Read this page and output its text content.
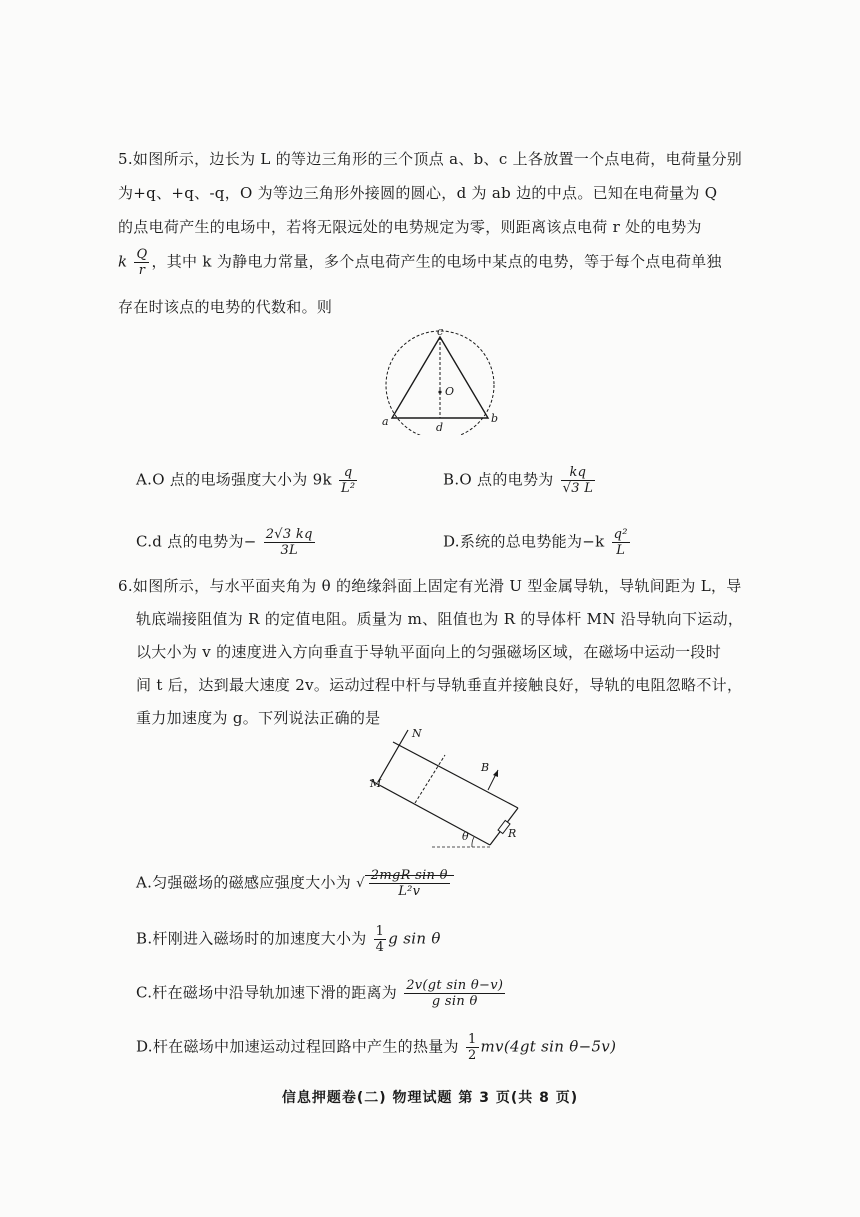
5.如图所示，边长为 L 的等边三角形的三个顶点 a、b、c 上各放置一个点电荷，电荷量分别
为+q、+q、-q，O 为等边三角形外接圆的圆心，d 为 ab 边的中点。已知在电荷量为 Q
的点电荷产生的电场中，若将无限远处的电势规定为零，则距离该点电荷 r 处的电势为
k $\frac{Q}{r}$ ，其中 k 为静电力常量，多个点电荷产生的电场中某点的电势，等于每个点电荷单独
存在时该点的电势的代数和。则
c
O
a	b
d
A.O 点的电场强度大小为 $9k \frac{q}{\text{L²}}$	B.O 点的电势为 $\frac{kq}{√3 L}$
C.d 点的电势为− $\frac{2√3 kq}{3L}$	D.系统的总电势能为$-k \frac{\text{q²}}{L}$
6.如图所示，与水平面夹角为 θ 的绝缘斜面上固定有光滑 U 型金属导轨，导轨间距为 L，导
轨底端接阻值为 R 的定值电阻。质量为 m、阻值也为 R 的导体杆 MN 沿导轨向下运动，
以大小为 v 的速度进入方向垂直于导轨平面向上的匀强磁场区域，在磁场中运动一段时
间 t 后，达到最大速度 2v。运动过程中杆与导轨垂直并接触良好，导轨的电阻忽略不计，
重力加速度为 g。下列说法正确的是
N
M
B
R
θ
A.匀强磁场的磁感应强度大小为 √ $\frac{\text{2mgR sin θ}}{\text{L²v}}$
B.杆刚进入磁场时的加速度大小为 $\frac{1}{4}$ g sin θ
C.杆在磁场中沿导轨加速下滑的距离为 $\frac{\text{2v(gt sin θ−v)}}{\text{g sin θ}}$
D.杆在磁场中加速运动过程回路中产生的热量为 $\frac{1}{2} mv(4gt$ sin θ−5v)
信息押题卷(二) 物理试题 第 3 页(共 8 页)
